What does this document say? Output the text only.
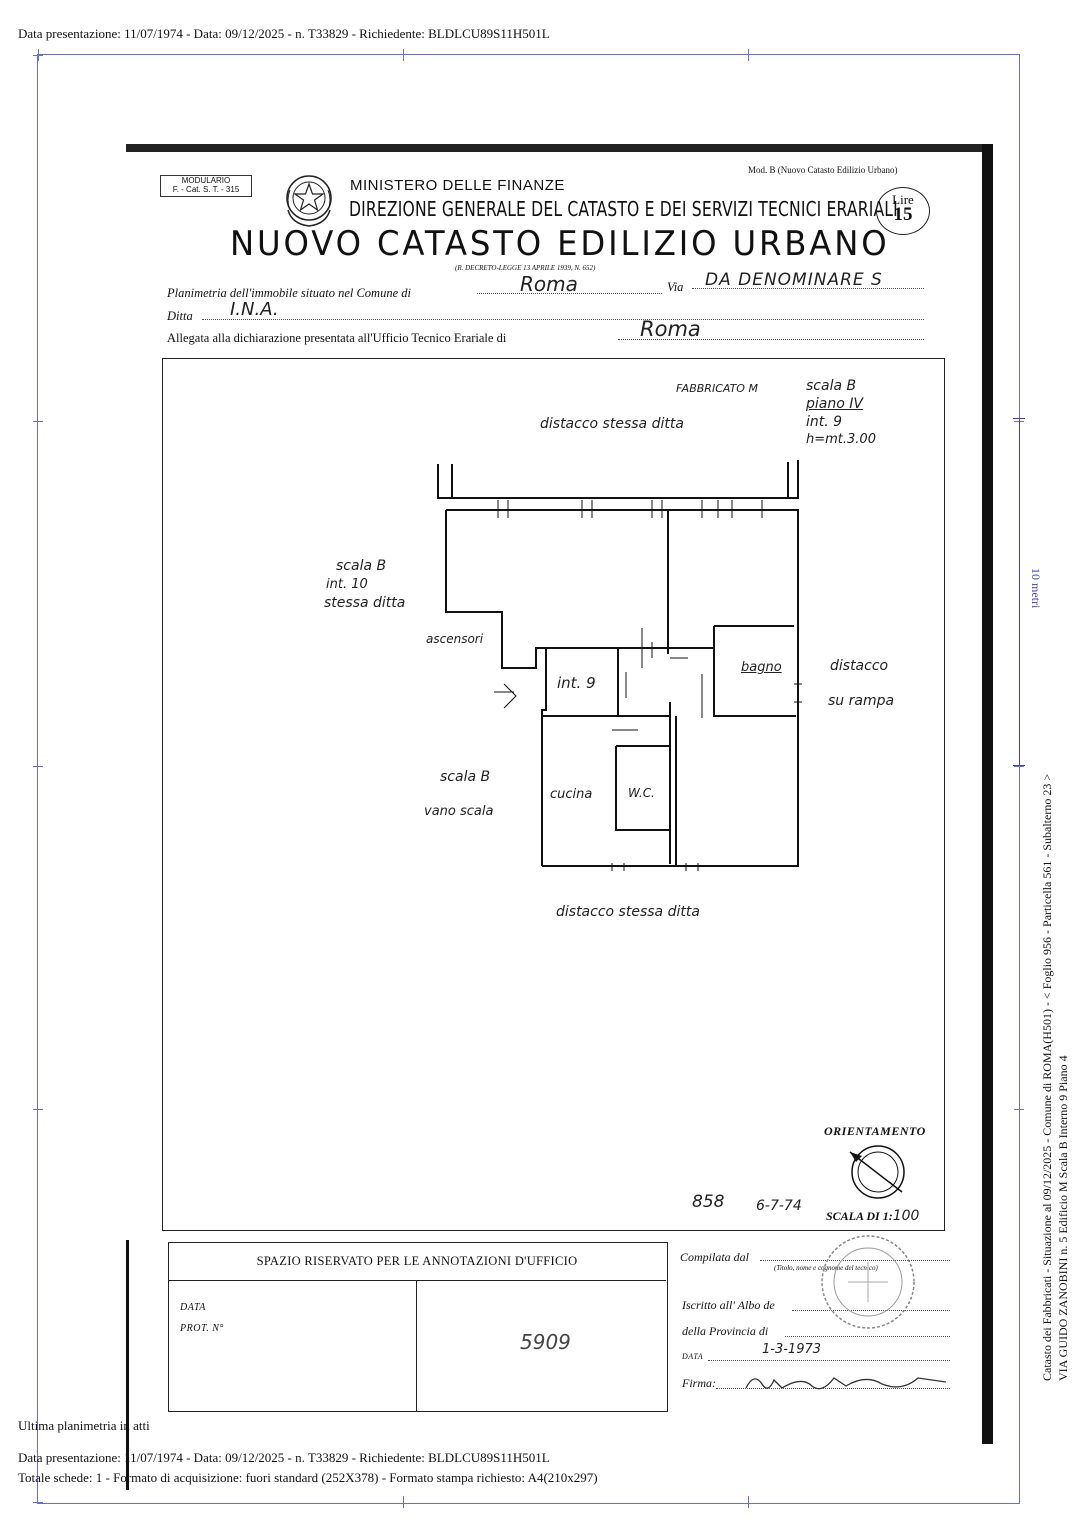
Data presentazione: 11/07/1974 - Data: 09/12/2025 - n. T33829 - Richiedente: BLDLCU89S11H501L
10 metri
MODULARIO
F. - Cat. S. T. - 315
Mod. B (Nuovo Catasto Edilizio Urbano)
MINISTERO DELLE FINANZE
DIREZIONE GENERALE DEL CATASTO E DEI SERVIZI TECNICI ERARIALI
Lire
15
NUOVO CATASTO EDILIZIO URBANO
(R. DECRETO-LEGGE 13 APRILE 1939, N. 652)
Planimetria dell'immobile situato nel Comune di	Roma	Via DA DENOMINARE S
Ditta I.N.A.
Allegata alla dichiarazione presentata all'Ufficio Tecnico Erariale di	Roma
FABBRICATO M	scala B
piano IV
int. 9
h=mt.3.00
distacco stessa ditta
scala B
int. 10
stessa ditta
ascensori
int. 9
bagno	distacco
su rampa
scala B
vano scala
cucina	W.C.
distacco stessa ditta
ORIENTAMENTO

858 6-7-74
SCALA DI 1:100
SPAZIO RISERVATO PER LE ANNOTAZIONI D'UFFICIO
DATA
PROT. N°
5909
Compilata dal
(Titolo, nome e cognome del tecnico)
Iscritto all' Albo de
della Provincia di
DATA	1-3-1973
Firma:
Catasto dei Fabbricati - Situazione al 09/12/2025 - Comune di ROMA(H501) - < Foglio 956 - Particella 561 - Subalterno 23 > VIA GUIDO ZANOBINI n. 5 Edificio M Scala B Interno 9 Piano 4
Ultima planimetria in atti
Data presentazione: 11/07/1974 - Data: 09/12/2025 - n. T33829 - Richiedente: BLDLCU89S11H501L
Totale schede: 1 - Formato di acquisizione: fuori standard (252X378) - Formato stampa richiesto: A4(210x297)
